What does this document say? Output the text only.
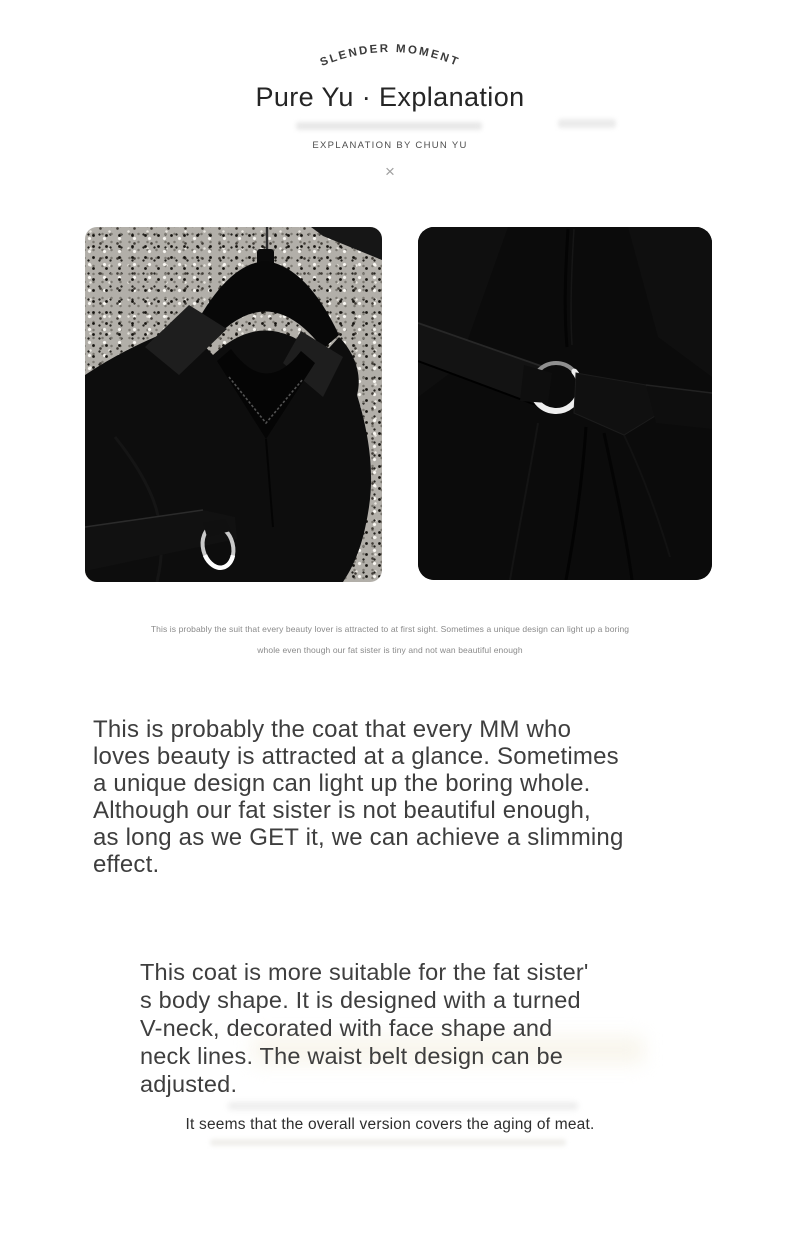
SLENDER MOMENT
Pure Yu · Explanation
EXPLANATION BY CHUN YU
×
This is probably the suit that every beauty lover is attracted to at first sight. Sometimes a unique design can light up a boring
whole even though our fat sister is tiny and not wan beautiful enough
This is probably the coat that every MM who
loves beauty is attracted at a glance. Sometimes
a unique design can light up the boring whole.
Although our fat sister is not beautiful enough,
as long as we GET it, we can achieve a slimming
effect.
This coat is more suitable for the fat sister'
s body shape. It is designed with a turned
V-neck, decorated with face shape and
neck lines. The waist belt design can be
adjusted.
It seems that the overall version covers the aging of meat.
